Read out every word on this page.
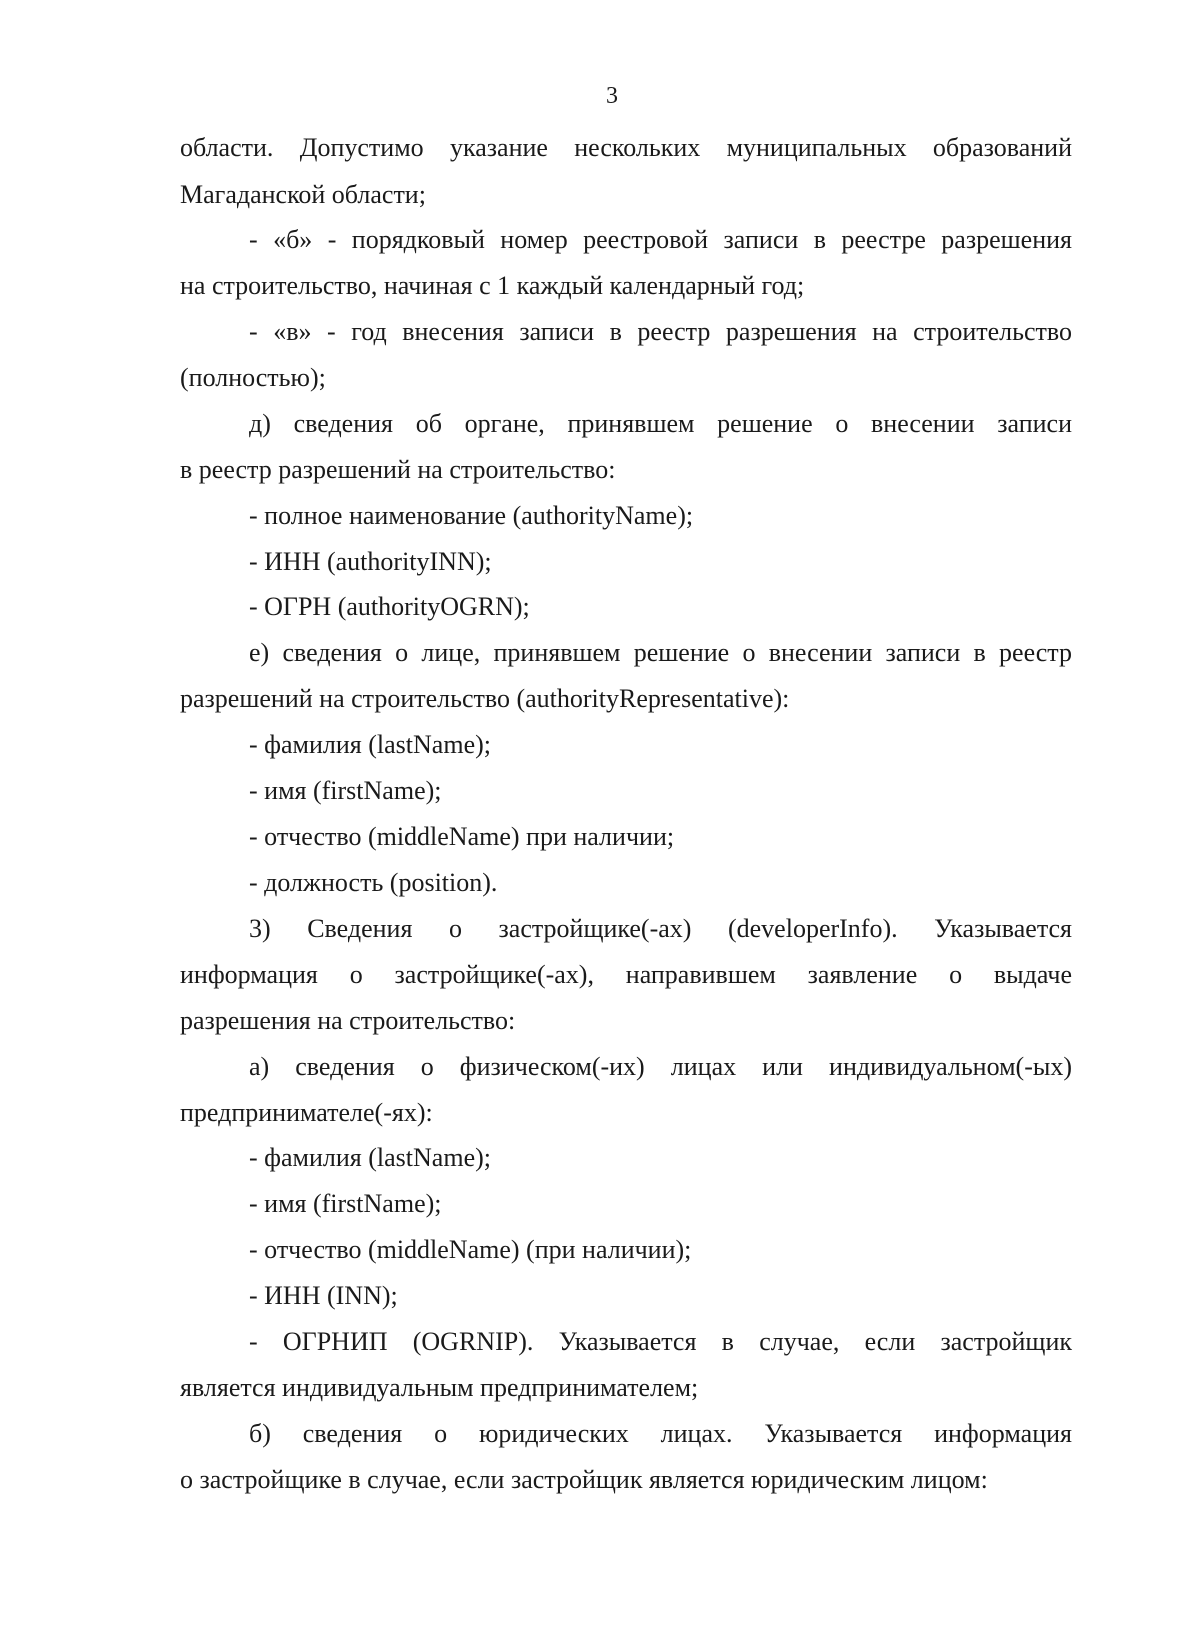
3
области. Допустимо указание нескольких муниципальных образований
Магаданской области;
- «б» - порядковый номер реестровой записи в реестре разрешения
на строительство, начиная с 1 каждый календарный год;
- «в» - год внесения записи в реестр разрешения на строительство
(полностью);
д) сведения об органе, принявшем решение о внесении записи
в реестр разрешений на строительство:
- полное наименование (authorityName);
- ИНН (authorityINN);
- ОГРН (authorityOGRN);
е) сведения о лице, принявшем решение о внесении записи в реестр
разрешений на строительство (authorityRepresentative):
- фамилия (lastName);
- имя (firstName);
- отчество (middleName) при наличии;
- должность (position).
3) Сведения о застройщике(-ах) (developerInfo). Указывается
информация о застройщике(-ах), направившем заявление о выдаче
разрешения на строительство:
а) сведения о физическом(-их) лицах или индивидуальном(-ых)
предпринимателе(-ях):
- фамилия (lastName);
- имя (firstName);
- отчество (middleName) (при наличии);
- ИНН (INN);
- ОГРНИП (OGRNIP). Указывается в случае, если застройщик
является индивидуальным предпринимателем;
б) сведения о юридических лицах. Указывается информация
о застройщике в случае, если застройщик является юридическим лицом:
